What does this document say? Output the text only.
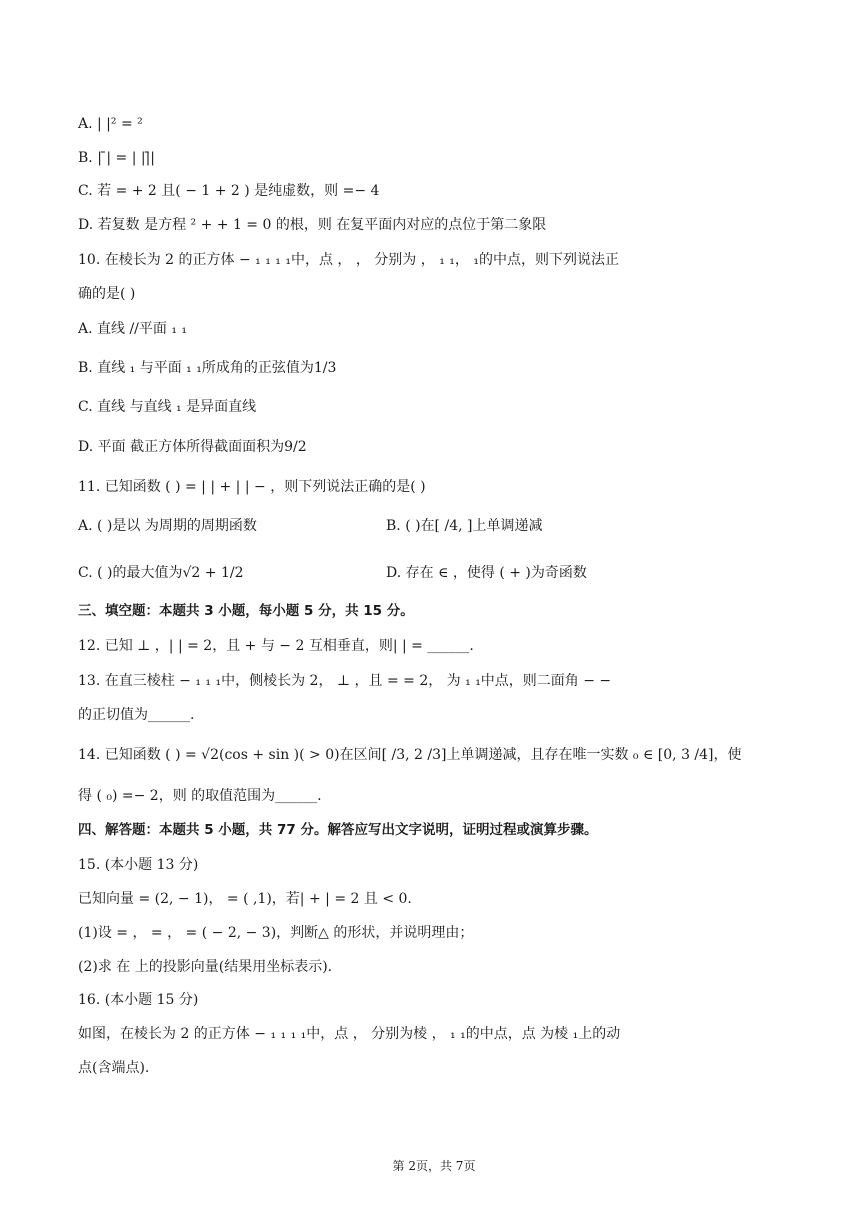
A. | |² = ²
B. | ̄| = | ||̄|
C. 若 = + 2 且( − 1 + 2 ) 是纯虚数，则 =− 4
D. 若复数 是方程 ² + + 1 = 0 的根，则 在复平面内对应的点位于第二象限
10. 在棱长为 2 的正方体 − ₁ ₁ ₁ ₁中，点 ， ， 分别为 ， ₁ ₁， ₁的中点，则下列说法正
确的是( )
A. 直线 //平面 ₁ ₁
B. 直线 ₁ 与平面 ₁ ₁所成角的正弦值为1/3
C. 直线 与直线 ₁ 是异面直线
D. 平面 截正方体所得截面面积为9/2
11. 已知函数 ( ) = | | + | | − ，则下列说法正确的是( )
A. ( )是以 为周期的周期函数	B. ( )在[ /4, ]上单调递减
C. ( )的最大值为√2 + 1/2	D. 存在 ∈ ，使得 ( + )为奇函数
三、填空题：本题共 3 小题，每小题 5 分，共 15 分。
12. 已知 ⊥ ，| | = 2，且 + 与 − 2 互相垂直，则| | = ______.
13. 在直三棱柱 − ₁ ₁ ₁中，侧棱长为 2， ⊥ ，且 = = 2， 为 ₁ ₁中点，则二面角 − −
的正切值为______.
14. 已知函数 ( ) = √2(cos + sin )( > 0)在区间[ /3, 2 /3]上单调递减，且存在唯一实数 ₀ ∈ [0, 3 /4]，使
得 ( ₀) =− 2，则 的取值范围为______.
四、解答题：本题共 5 小题，共 77 分。解答应写出文字说明，证明过程或演算步骤。
15. (本小题 13 分)
已知向量 = (2, − 1)， = ( ,1)，若| + | = 2 且 < 0.
(1)设 = ， = ， = ( − 2, − 3)，判断△ 的形状，并说明理由；
(2)求 在 上的投影向量(结果用坐标表示).
16. (本小题 15 分)
如图，在棱长为 2 的正方体 − ₁ ₁ ₁ ₁中，点 ， 分别为棱 ， ₁ ₁的中点，点 为棱 ₁上的动
点(含端点).
第 2页，共 7页
